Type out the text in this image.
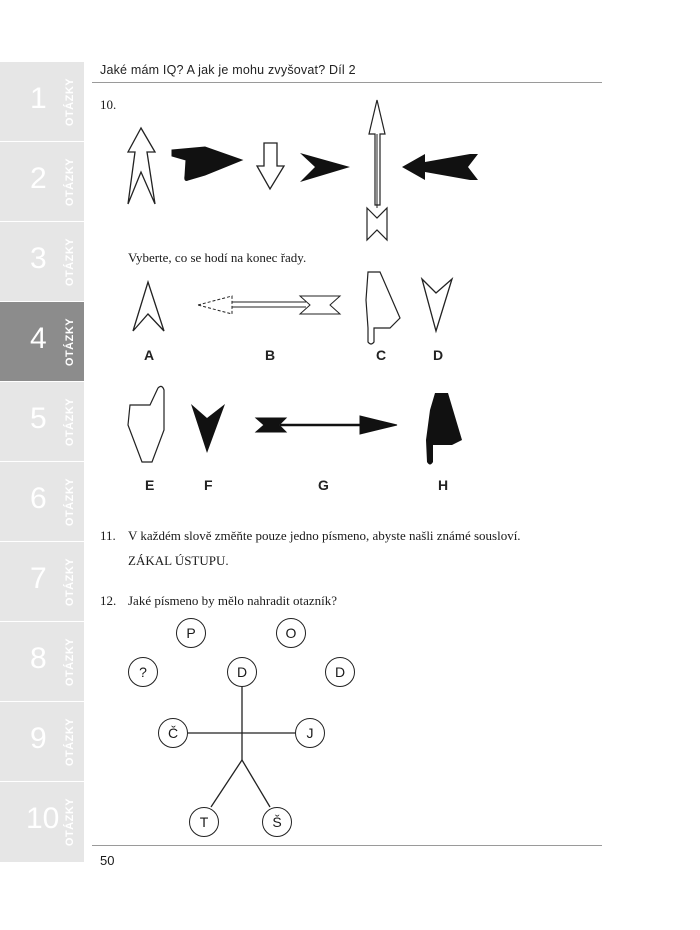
1 OTÁZKY
2 OTÁZKY
3 OTÁZKY
4 OTÁZKY
5 OTÁZKY
6 OTÁZKY
7 OTÁZKY
8 OTÁZKY
9 OTÁZKY
10 OTÁZKY
Jaké mám IQ? A jak je mohu zvyšovat? Díl 2
10.
Vyberte, co se hodí na konec řady.
A	B	C	D
E	F	G	H
11. V každém slově změňte pouze jedno písmeno, abyste našli známé sousloví.
ZÁKAL ÚSTUPU.
12. Jaké písmeno by mělo nahradit otazník?
P	O
?	D	D
Č	J
T	Š
50
